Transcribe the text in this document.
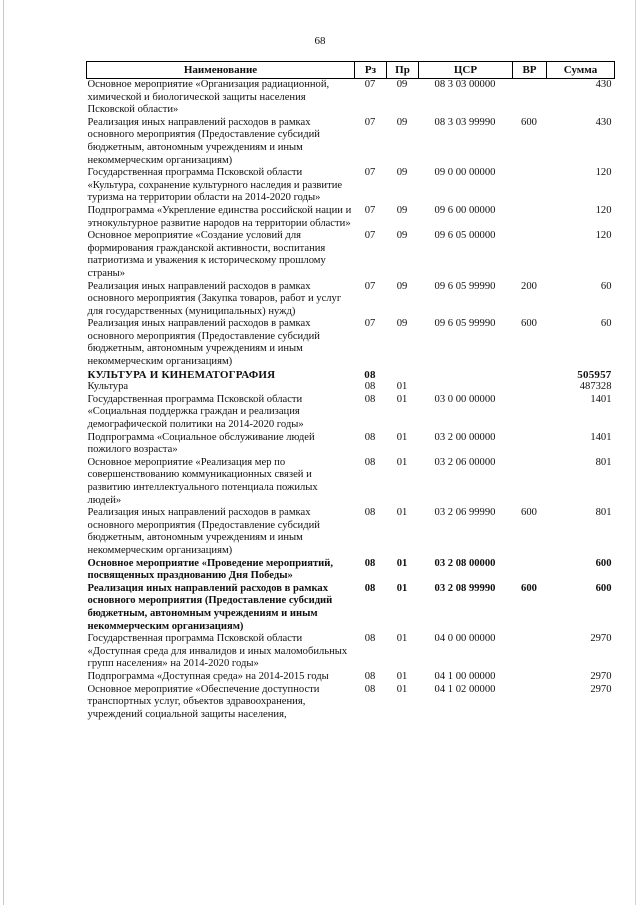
68
Наименование	Рз	Пр	ЦСР	ВР	Сумма
Основное мероприятие «Организация радиационной, химической и биологической защиты населения Псковской области»	07	09	08 3 03 00000		430
Реализация иных направлений расходов в рамках основного мероприятия (Предоставление субсидий бюджетным, автономным учреждениям и иным некоммерческим организациям)	07	09	08 3 03 99990	600	430
Государственная программа Псковской области «Культура, сохранение культурного наследия и развитие туризма на территории области на 2014-2020 годы»	07	09	09 0 00 00000		120
Подпрограмма «Укрепление единства российской нации и этнокультурное развитие народов на территории области»	07	09	09 6 00 00000		120
Основное мероприятие «Создание условий для формирования гражданской активности, воспитания патриотизма и уважения к историческому прошлому страны»	07	09	09 6 05 00000		120
Реализация иных направлений расходов в рамках основного мероприятия (Закупка товаров, работ и услуг для государственных (муниципальных) нужд)	07	09	09 6 05 99990	200	60
Реализация иных направлений расходов в рамках основного мероприятия (Предоставление субсидий бюджетным, автономным учреждениям и иным некоммерческим организациям)	07	09	09 6 05 99990	600	60
КУЛЬТУРА И КИНЕМАТОГРАФИЯ	08				505957
Культура	08	01			487328
Государственная программа Псковской области «Социальная поддержка граждан и реализация демографической политики на 2014-2020 годы»	08	01	03 0 00 00000		1401
Подпрограмма «Социальное обслуживание людей пожилого возраста»	08	01	03 2 00 00000		1401
Основное мероприятие «Реализация мер по совершенствованию коммуникационных связей и развитию интеллектуального потенциала пожилых людей»	08	01	03 2 06 00000		801
Реализация иных направлений расходов в рамках основного мероприятия (Предоставление субсидий бюджетным, автономным учреждениям и иным некоммерческим организациям)	08	01	03 2 06 99990	600	801
Основное мероприятие «Проведение мероприятий, посвященных празднованию Дня Победы»	08	01	03 2 08 00000		600
Реализация иных направлений расходов в рамках основного мероприятия (Предоставление субсидий бюджетным, автономным учреждениям и иным некоммерческим организациям)	08	01	03 2 08 99990	600	600
Государственная программа Псковской области «Доступная среда для инвалидов и иных маломобильных групп населения» на 2014-2020 годы»	08	01	04 0 00 00000		2970
Подпрограмма «Доступная среда» на 2014-2015 годы	08	01	04 1 00 00000		2970
Основное мероприятие «Обеспечение доступности транспортных услуг, объектов здравоохранения, учреждений социальной защиты населения,	08	01	04 1 02 00000		2970
